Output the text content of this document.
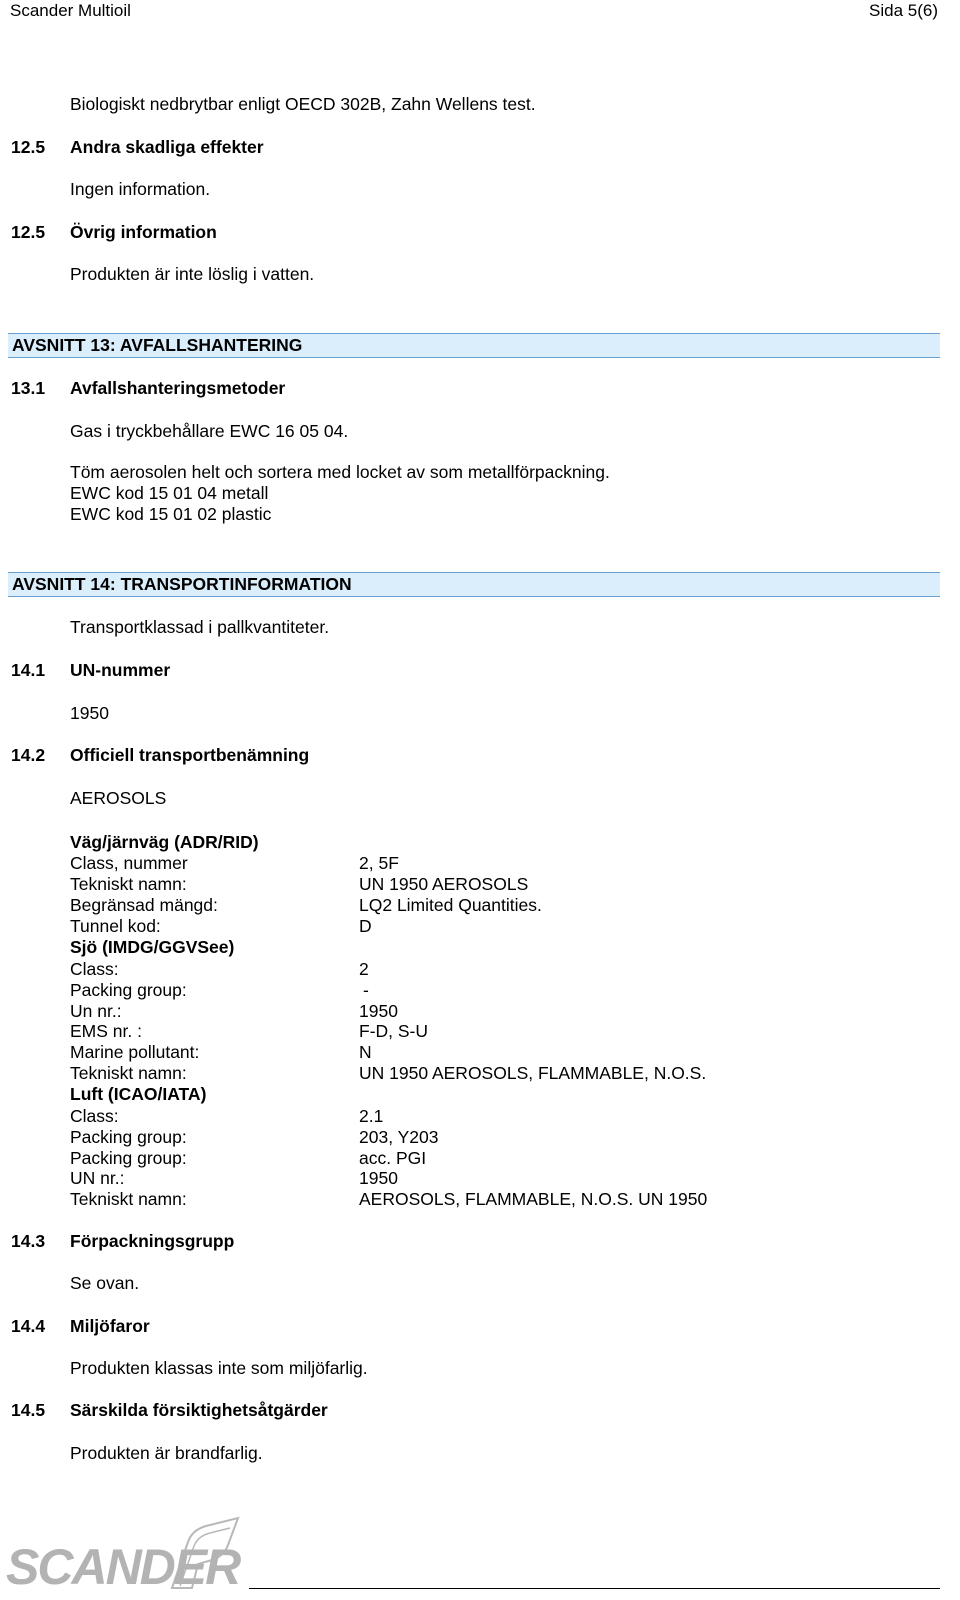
Scander Multioil	Sida 5(6)
Biologiskt nedbrytbar enligt OECD 302B, Zahn Wellens test.
12.5 Andra skadliga effekter
Ingen information.
12.5 Övrig information
Produkten är inte löslig i vatten.
AVSNITT 13: AVFALLSHANTERING
13.1 Avfallshanteringsmetoder
Gas i tryckbehållare EWC 16 05 04.
Töm aerosolen helt och sortera med locket av som metallförpackning.
EWC kod 15 01 04 metall
EWC kod 15 01 02 plastic
AVSNITT 14: TRANSPORTINFORMATION
Transportklassad i pallkvantiteter.
14.1 UN-nummer
1950
14.2 Officiell transportbenämning
AEROSOLS
Väg/järnväg (ADR/RID)
Class, nummer	2, 5F
Tekniskt namn:	UN 1950 AEROSOLS
Begränsad mängd:	LQ2 Limited Quantities.
Tunnel kod:	D
Sjö (IMDG/GGVSee)
Class:	2
Packing group:	-
Un nr.:	1950
EMS nr. :	F-D, S-U
Marine pollutant:	N
Tekniskt namn:	UN 1950 AEROSOLS, FLAMMABLE, N.O.S.
Luft (ICAO/IATA)
Class:	2.1
Packing group:	203, Y203
Packing group:	acc. PGI
UN nr.:	1950
Tekniskt namn:	AEROSOLS, FLAMMABLE, N.O.S. UN 1950
14.3 Förpackningsgrupp
Se ovan.
14.4 Miljöfaror
Produkten klassas inte som miljöfarlig.
14.5 Särskilda försiktighetsåtgärder
Produkten är brandfarlig.
SCANDER
